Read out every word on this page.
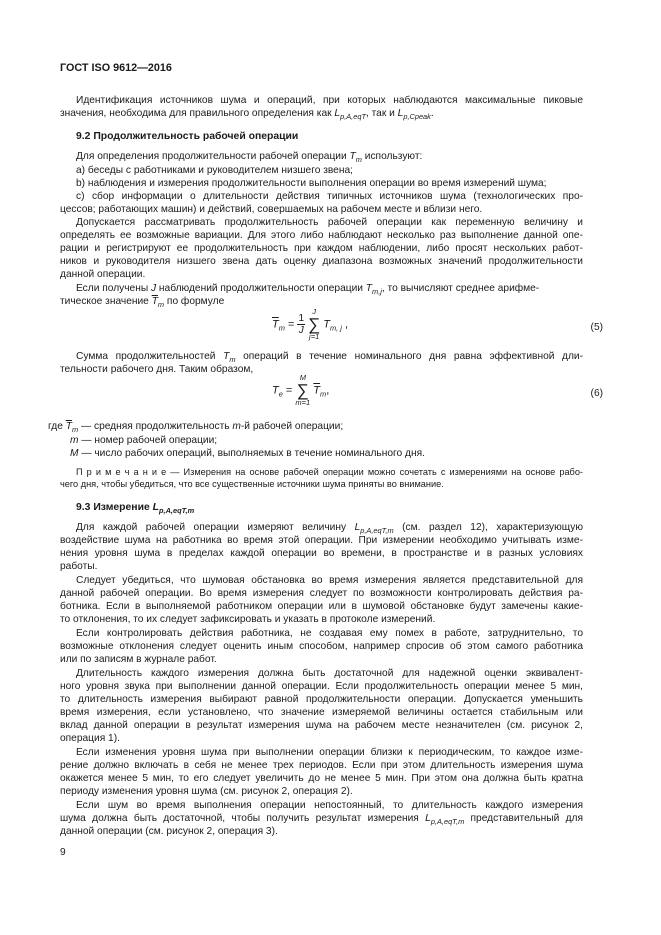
ГОСТ ISO 9612—2016
Идентификация источников шума и операций, при которых наблюдаются максимальные пиковые
значения, необходима для правильного определения как $L_{p,A,eqT}$, так и $L_{p,Cpeak}$.
9.2 Продолжительность рабочей операции
Для определения продолжительности рабочей операции $T_m$ используют:
a) беседы с работниками и руководителем низшего звена;
b) наблюдения и измерения продолжительности выполнения операции во время измерений шума;
c) сбор информации о длительности действия типичных источников шума (технологических про-
цессов; работающих машин) и действий, совершаемых на рабочем месте и вблизи него.
Допускается рассматривать продолжительность рабочей операции как переменную величину и
определять ее возможные вариации. Для этого либо наблюдают несколько раз выполнение данной опе-
рации и регистрируют ее продолжительность при каждом наблюдении, либо просят нескольких работ-
ников и руководителя низшего звена дать оценку диапазона возможных значений продолжительности
данной операции.
Если получены J наблюдений продолжительности операции $T_{m,j}$, то вычисляют среднее арифме-
тическое значение $\overline{T}_m$ по формуле
$\overline{T}_m = \frac{1}{J}$
J
∑
j=1
$T_{m, j}$ ,	(5)
Сумма продолжительностей $T_m$ операций в течение номинального дня равна эффективной дли-
тельности рабочего дня. Таким образом,
$T_e$ =
M
∑
m=1
$\overline{T}_m$,	(6)
где $\overline{T}_m$ — средняя продолжительность m-й рабочей операции;
m — номер рабочей операции;
M — число рабочих операций, выполняемых в течение номинального дня.
П р и м е ч а н и е — Измерения на основе рабочей операции можно сочетать с измерениями на основе рабо-
чего дня, чтобы убедиться, что все существенные источники шума приняты во внимание.
9.3 Измерение $L_{p,A,eqT,m}$
Для каждой рабочей операции измеряют величину $L_{p,A,eqT,m}$ (см. раздел 12), характеризующую
воздействие шума на работника во время этой операции. При измерении необходимо учитывать изме-
нения уровня шума в пределах каждой операции во времени, в пространстве и в разных условиях
работы.
Следует убедиться, что шумовая обстановка во время измерения является представительной для
данной рабочей операции. Во время измерения следует по возможности контролировать действия ра-
ботника. Если в выполняемой работником операции или в шумовой обстановке будут замечены какие-
то отклонения, то их следует зафиксировать и указать в протоколе измерений.
Если контролировать действия работника, не создавая ему помех в работе, затруднительно, то
возможные отклонения следует оценить иным способом, например спросив об этом самого работника
или по записям в журнале работ.
Длительность каждого измерения должна быть достаточной для надежной оценки эквивалент-
ного уровня звука при выполнении данной операции. Если продолжительность операции менее 5 мин,
то длительность измерения выбирают равной продолжительности операции. Допускается уменьшить
время измерения, если установлено, что значение измеряемой величины остается стабильным или
вклад данной операции в результат измерения шума на рабочем месте незначителен (см. рисунок 2,
операция 1).
Если изменения уровня шума при выполнении операции близки к периодическим, то каждое изме-
рение должно включать в себя не менее трех периодов. Если при этом длительность измерения шума
окажется менее 5 мин, то его следует увеличить до не менее 5 мин. При этом она должна быть кратна
периоду изменения уровня шума (см. рисунок 2, операция 2).
Если шум во время выполнения операции непостоянный, то длительность каждого измерения
шума должна быть достаточной, чтобы получить результат измерения $L_{p,A,eqT,m}$ представительный для
данной операции (см. рисунок 2, операция 3).
9
